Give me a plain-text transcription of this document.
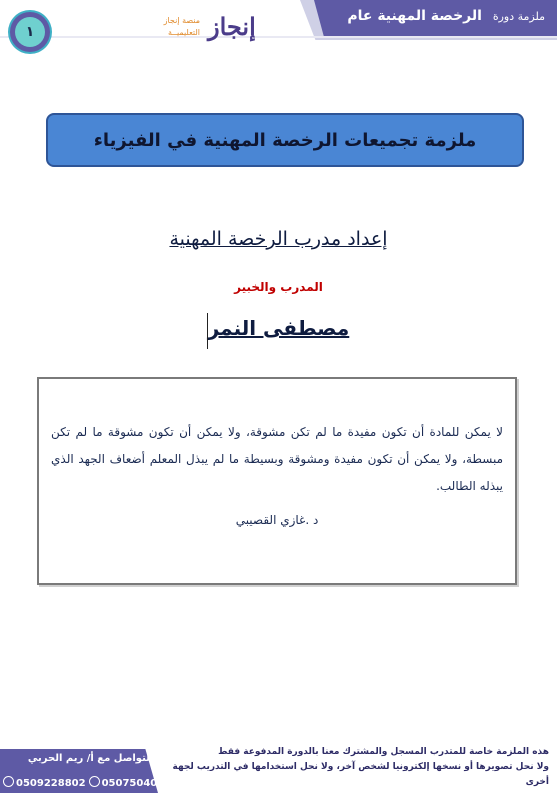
ملزمة دورة الرخصة المهنية عام
١	إنجاز
منصة إنجاز
التعليميــة
ملزمة تجميعات الرخصة المهنية في الفيزياء
إعداد مدرب الرخصة المهنية
المدرب والخبير
مصطفى النمر
لا يمكن للمادة أن تكون مفيدة ما لم تكن مشوقة، ولا يمكن أن تكون مشوقة ما لم تكن مبسطة، ولا يمكن أن تكون مفيدة ومشوقة وبسيطة ما لم يبذل المعلم أضعاف الجهد الذي يبذله الطالب.
د .غازي القصيبي
هذه الملزمة خاصة للمتدرب المسجل والمشترك معنا بالدورة المدفوعة فقط
ولا نحل تصويرها أو نسخها إلكترونيا لشخص آخر، ولا نحل استخدامها في التدريب لجهة أخرى
للتواصل مع أ/ ريم الحربي
0509228802	0507504044
